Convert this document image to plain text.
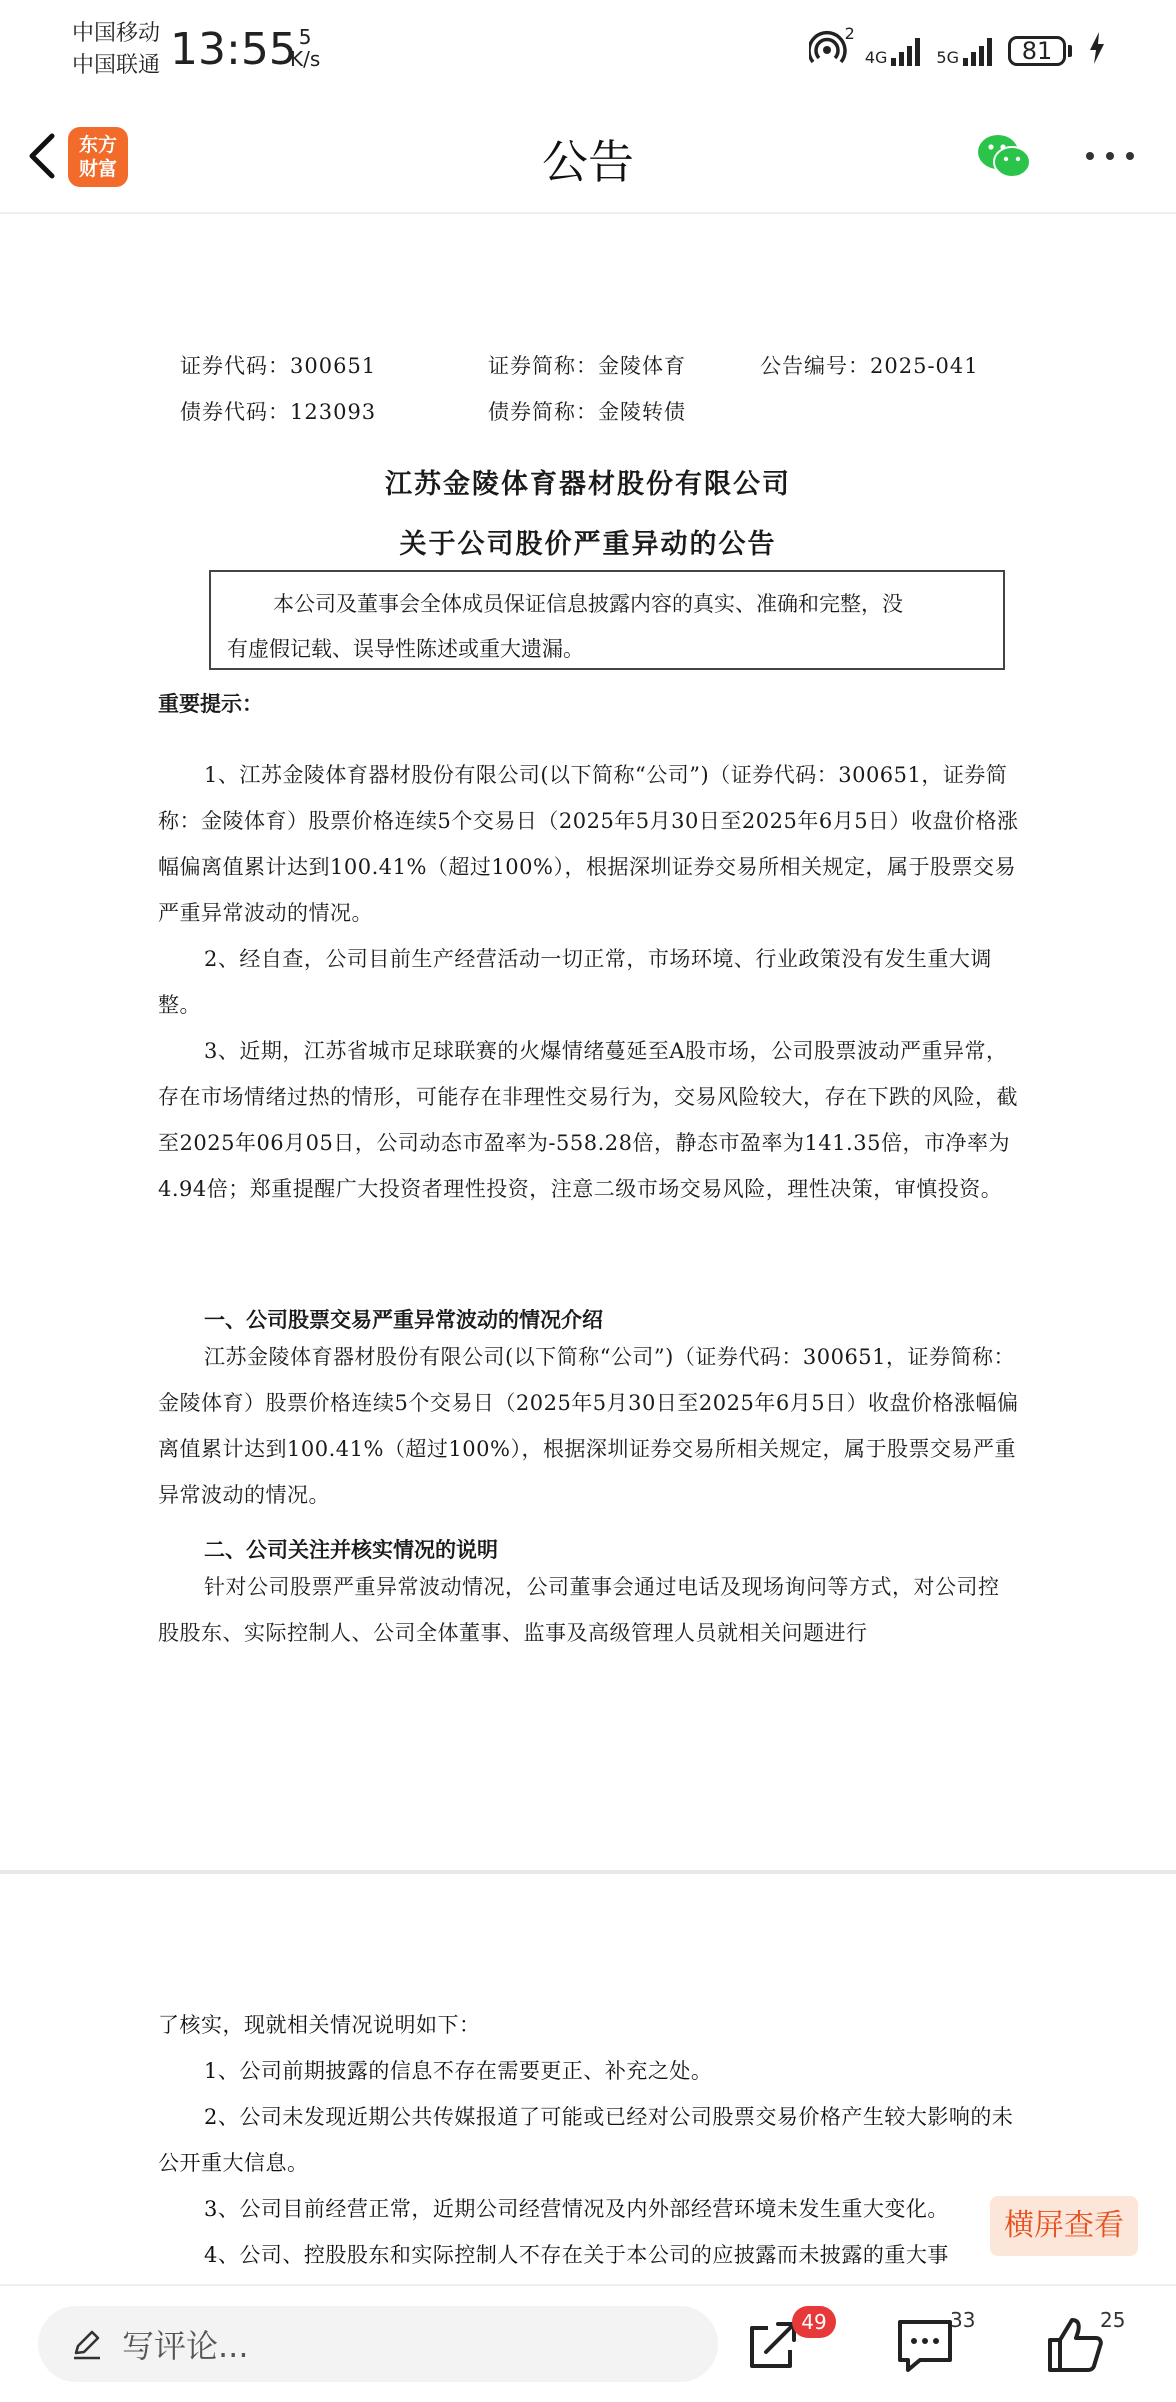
中国移动
中国联通 13:55 5
K/s
2
4G	5G	81
东方
财富	公告
证券代码：300651	证券简称：金陵体育	公告编号：2025-041
债券代码：123093	债券简称：金陵转债
江苏金陵体育器材股份有限公司
关于公司股价严重异动的公告
本公司及董事会全体成员保证信息披露内容的真实、准确和完整，没
有虚假记载、误导性陈述或重大遗漏。
重要提示：

1、江苏金陵体育器材股份有限公司(以下简称“公司”)（证券代码：300651，证券简称：金陵体育）股票价格连续5个交易日（2025年5月30日至2025年6月5日）收盘价格涨幅偏离值累计达到100.41%（超过100%），根据深圳证券交易所相关规定，属于股票交易严重异常波动的情况。

2、经自查，公司目前生产经营活动一切正常，市场环境、行业政策没有发生重大调整。

3、近期，江苏省城市足球联赛的火爆情绪蔓延至A股市场，公司股票波动严重异常，存在市场情绪过热的情形，可能存在非理性交易行为，交易风险较大，存在下跌的风险，截至2025年06月05日，公司动态市盈率为-558.28倍，静态市盈率为141.35倍，市净率为4.94倍；郑重提醒广大投资者理性投资，注意二级市场交易风险，理性决策，审慎投资。

一、公司股票交易严重异常波动的情况介绍

江苏金陵体育器材股份有限公司(以下简称“公司”)（证券代码：300651，证券简称：金陵体育）股票价格连续5个交易日（2025年5月30日至2025年6月5日）收盘价格涨幅偏离值累计达到100.41%（超过100%），根据深圳证券交易所相关规定，属于股票交易严重异常波动的情况。

二、公司关注并核实情况的说明

针对公司股票严重异常波动情况，公司董事会通过电话及现场询问等方式，对公司控股股东、实际控制人、公司全体董事、监事及高级管理人员就相关问题进行

了核实，现就相关情况说明如下：

1、公司前期披露的信息不存在需要更正、补充之处。

2、公司未发现近期公共传媒报道了可能或已经对公司股票交易价格产生较大影响的未公开重大信息。

3、公司目前经营正常，近期公司经营情况及内外部经营环境未发生重大变化。

4、公司、控股股东和实际控制人不存在关于本公司的应披露而未披露的重大事

横屏查看
写评论...
49	33	25
